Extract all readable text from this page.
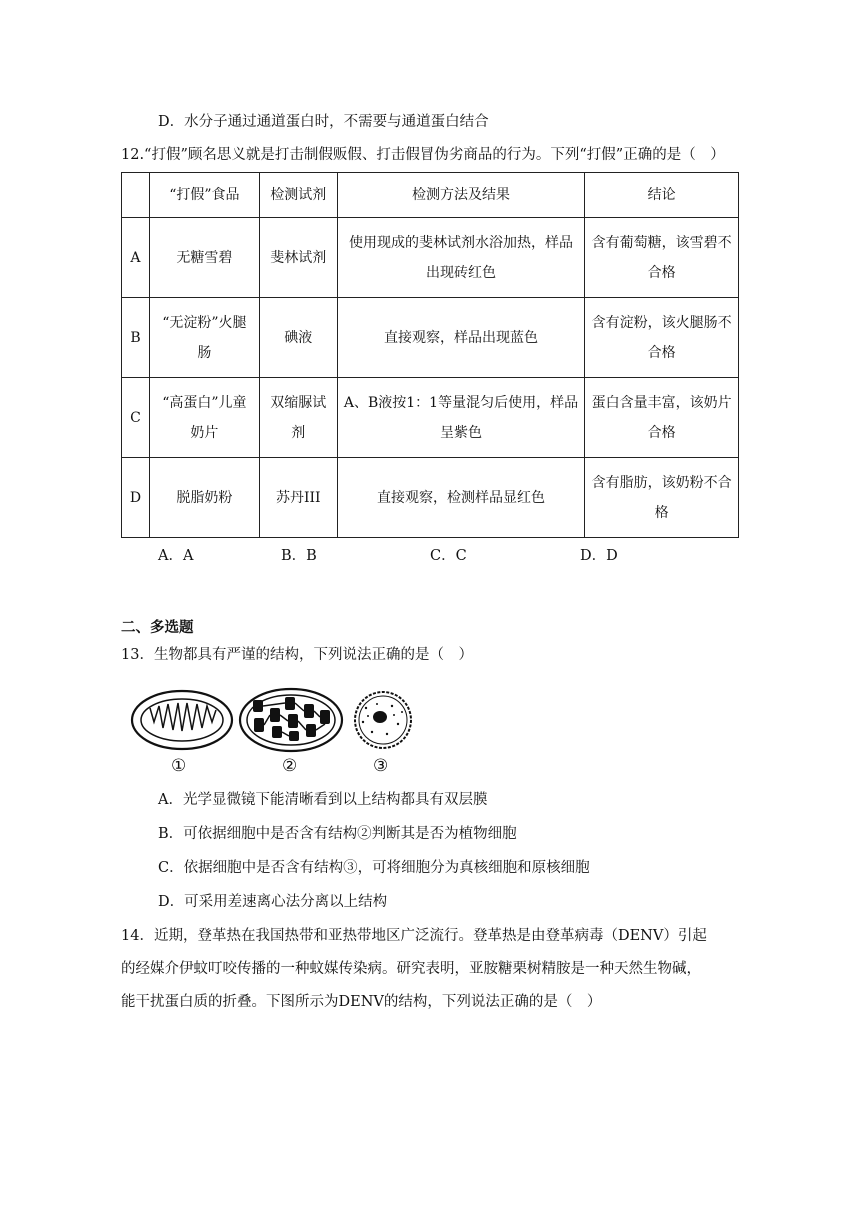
D．水分子通过通道蛋白时，不需要与通道蛋白结合
12.“打假”顾名思义就是打击制假贩假、打击假冒伪劣商品的行为。下列“打假”正确的是（　）
	“打假”食品	检测试剂	检测方法及结果	结论
A	无糖雪碧	斐林试剂	使用现成的斐林试剂水浴加热，样品出现砖红色	含有葡萄糖，该雪碧不合格
B	“无淀粉”火腿肠	碘液	直接观察，样品出现蓝色	含有淀粉，该火腿肠不合格
C	“高蛋白”儿童奶片	双缩脲试剂	A、B液按1：1等量混匀后使用，样品呈紫色	蛋白含量丰富，该奶片合格
D	脱脂奶粉	苏丹III	直接观察，检测样品显红色	含有脂肪，该奶粉不合格
A．A	B．B	C．C	D．D
二、多选题
13．生物都具有严谨的结构，下列说法正确的是（　）
①	②	③
A．光学显微镜下能清晰看到以上结构都具有双层膜
B．可依据细胞中是否含有结构②判断其是否为植物细胞
C．依据细胞中是否含有结构③，可将细胞分为真核细胞和原核细胞
D．可采用差速离心法分离以上结构
14．近期，登革热在我国热带和亚热带地区广泛流行。登革热是由登革病毒（DENV）引起
的经媒介伊蚊叮咬传播的一种蚊媒传染病。研究表明，亚胺糖栗树精胺是一种天然生物碱，
能干扰蛋白质的折叠。下图所示为DENV的结构，下列说法正确的是（　）
